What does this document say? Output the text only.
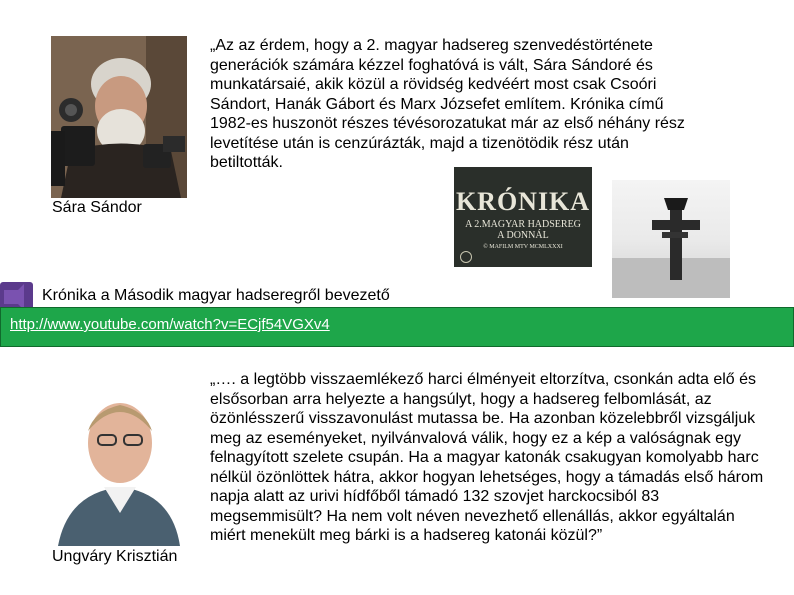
Sára Sándor
„Az az érdem, hogy a 2. magyar hadsereg szenvedéstörténete generációk számára kézzel foghatóvá is vált, Sára Sándoré és munkatársaié, akik közül a rövidség kedvéért most csak Csoóri Sándort, Hanák Gábort és Marx Józsefet említem. Krónika című 1982-es huszonöt részes tévésorozatukat már az első néhány rész levetítése után is cenzúrázták, majd a tizenötödik rész után betiltották.
KRÓNIKA
A 2.MAGYAR HADSEREG
A DONNÁL
© MAFILM MTV MCMLXXXI
Krónika a Második magyar hadseregről bevezető
http://www.youtube.com/watch?v=ECjf54VGXv4
Ungváry Krisztián
„…. a legtöbb visszaemlékező harci élményeit eltorzítva, csonkán adta elő és elsősorban arra helyezte a hangsúlyt, hogy a hadsereg felbomlását, az özönlésszerű visszavonulást mutassa be. Ha azonban közelebbről vizsgáljuk meg az eseményeket, nyilvánvalová válik, hogy ez a kép a valóságnak egy felnagyított szelete csupán. Ha a magyar katonák csakugyan komolyabb harc nélkül özönlöttek hátra, akkor hogyan lehetséges, hogy a támadás első három napja alatt az urivi hídfőből támadó 132 szovjet harckocsiból 83 megsemmisült? Ha nem volt néven nevezhető ellenállás, akkor egyáltalán miért menekült meg bárki is a hadsereg katonái közül?”
